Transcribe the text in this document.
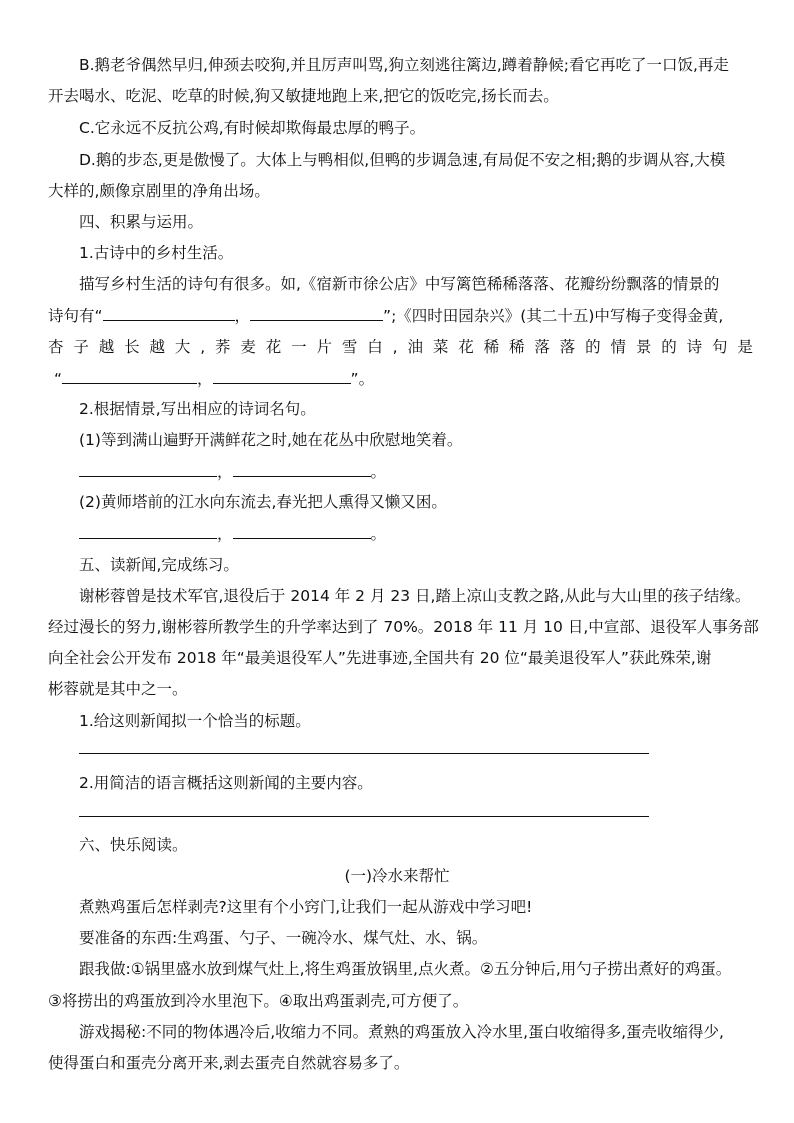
B.鹅老爷偶然早归,伸颈去咬狗,并且厉声叫骂,狗立刻逃往篱边,蹲着静候;看它再吃了一口饭,再走
开去喝水、吃泥、吃草的时候,狗又敏捷地跑上来,把它的饭吃完,扬长而去。
C.它永远不反抗公鸡,有时候却欺侮最忠厚的鸭子。
D.鹅的步态,更是傲慢了。大体上与鸭相似,但鸭的步调急速,有局促不安之相;鹅的步调从容,大模
大样的,颇像京剧里的净角出场。
四、积累与运用。
1.古诗中的乡村生活。
描写乡村生活的诗句有很多。如,《宿新市徐公店》中写篱笆稀稀落落、花瓣纷纷飘落的情景的
诗句有“	，	”;《四时田园杂兴》(其二十五)中写梅子变得金黄,
杏 子 越 长 越 大 , 荞 麦 花 一 片 雪 白 , 油 菜 花 稀 稀 落 落 的 情 景 的 诗 句 是
“	，	”。
2.根据情景,写出相应的诗词名句。
(1)等到满山遍野开满鲜花之时,她在花丛中欣慰地笑着。
，	。
(2)黄师塔前的江水向东流去,春光把人熏得又懒又困。
，	。
五、读新闻,完成练习。
谢彬蓉曾是技术军官,退役后于 2014 年 2 月 23 日,踏上凉山支教之路,从此与大山里的孩子结缘。
经过漫长的努力,谢彬蓉所教学生的升学率达到了 70%。2018 年 11 月 10 日,中宣部、退役军人事务部
向全社会公开发布 2018 年“最美退役军人”先进事迹,全国共有 20 位“最美退役军人”获此殊荣,谢
彬蓉就是其中之一。
1.给这则新闻拟一个恰当的标题。
2.用简洁的语言概括这则新闻的主要内容。
六、快乐阅读。
(一)冷水来帮忙
煮熟鸡蛋后怎样剥壳?这里有个小窍门,让我们一起从游戏中学习吧!
要准备的东西:生鸡蛋、勺子、一碗冷水、煤气灶、水、锅。
跟我做:①锅里盛水放到煤气灶上,将生鸡蛋放锅里,点火煮。②五分钟后,用勺子捞出煮好的鸡蛋。
③将捞出的鸡蛋放到冷水里泡下。④取出鸡蛋剥壳,可方便了。
游戏揭秘:不同的物体遇冷后,收缩力不同。煮熟的鸡蛋放入冷水里,蛋白收缩得多,蛋壳收缩得少,
使得蛋白和蛋壳分离开来,剥去蛋壳自然就容易多了。
